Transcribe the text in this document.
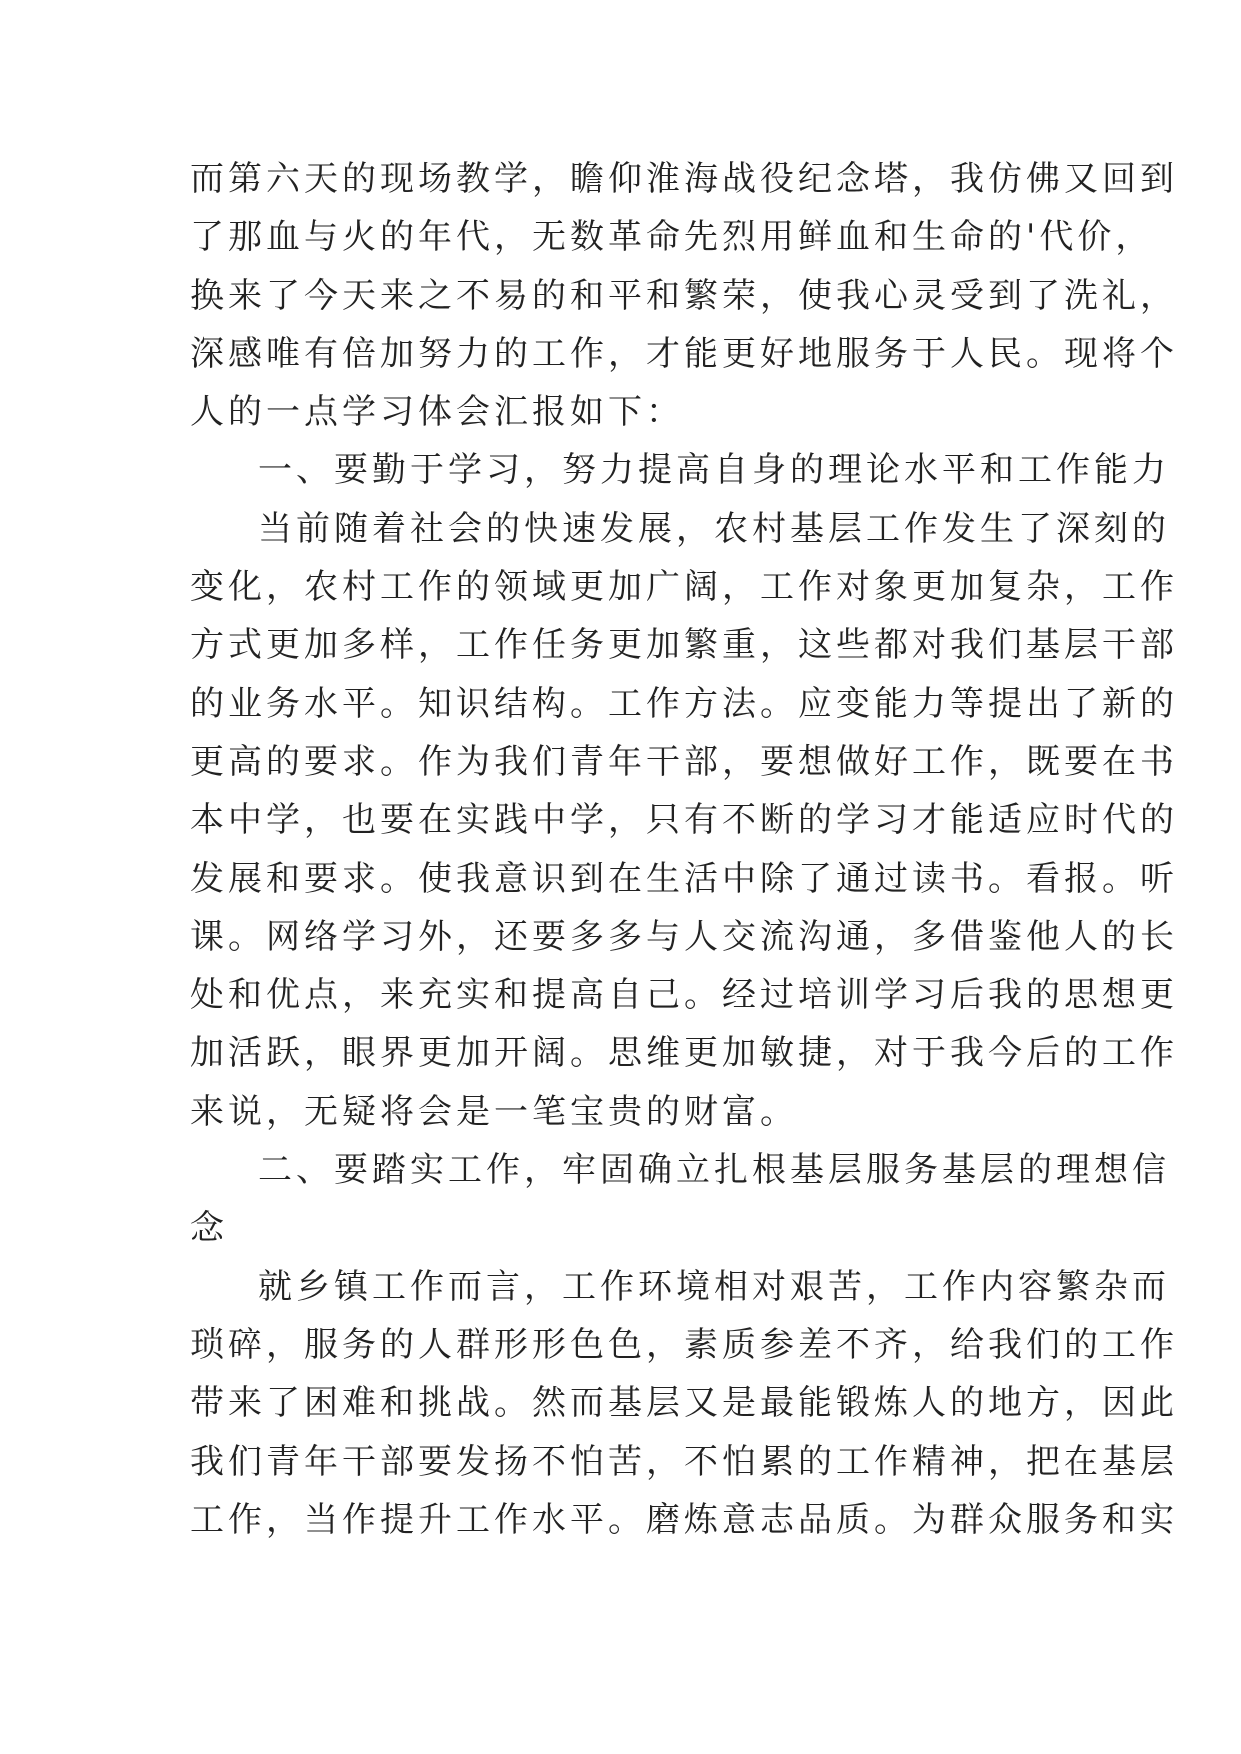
而第六天的现场教学，瞻仰淮海战役纪念塔，我仿佛又回到
了那血与火的年代，无数革命先烈用鲜血和生命的'代价，
换来了今天来之不易的和平和繁荣，使我心灵受到了洗礼，
深感唯有倍加努力的工作，才能更好地服务于人民。现将个
人的一点学习体会汇报如下：
一、要勤于学习，努力提高自身的理论水平和工作能力
当前随着社会的快速发展，农村基层工作发生了深刻的
变化，农村工作的领域更加广阔，工作对象更加复杂，工作
方式更加多样，工作任务更加繁重，这些都对我们基层干部
的业务水平。知识结构。工作方法。应变能力等提出了新的
更高的要求。作为我们青年干部，要想做好工作，既要在书
本中学，也要在实践中学，只有不断的学习才能适应时代的
发展和要求。使我意识到在生活中除了通过读书。看报。听
课。网络学习外，还要多多与人交流沟通，多借鉴他人的长
处和优点，来充实和提高自己。经过培训学习后我的思想更
加活跃，眼界更加开阔。思维更加敏捷，对于我今后的工作
来说，无疑将会是一笔宝贵的财富。
二、要踏实工作，牢固确立扎根基层服务基层的理想信
念
就乡镇工作而言，工作环境相对艰苦，工作内容繁杂而
琐碎，服务的人群形形色色，素质参差不齐，给我们的工作
带来了困难和挑战。然而基层又是最能锻炼人的地方，因此
我们青年干部要发扬不怕苦，不怕累的工作精神，把在基层
工作，当作提升工作水平。磨炼意志品质。为群众服务和实
